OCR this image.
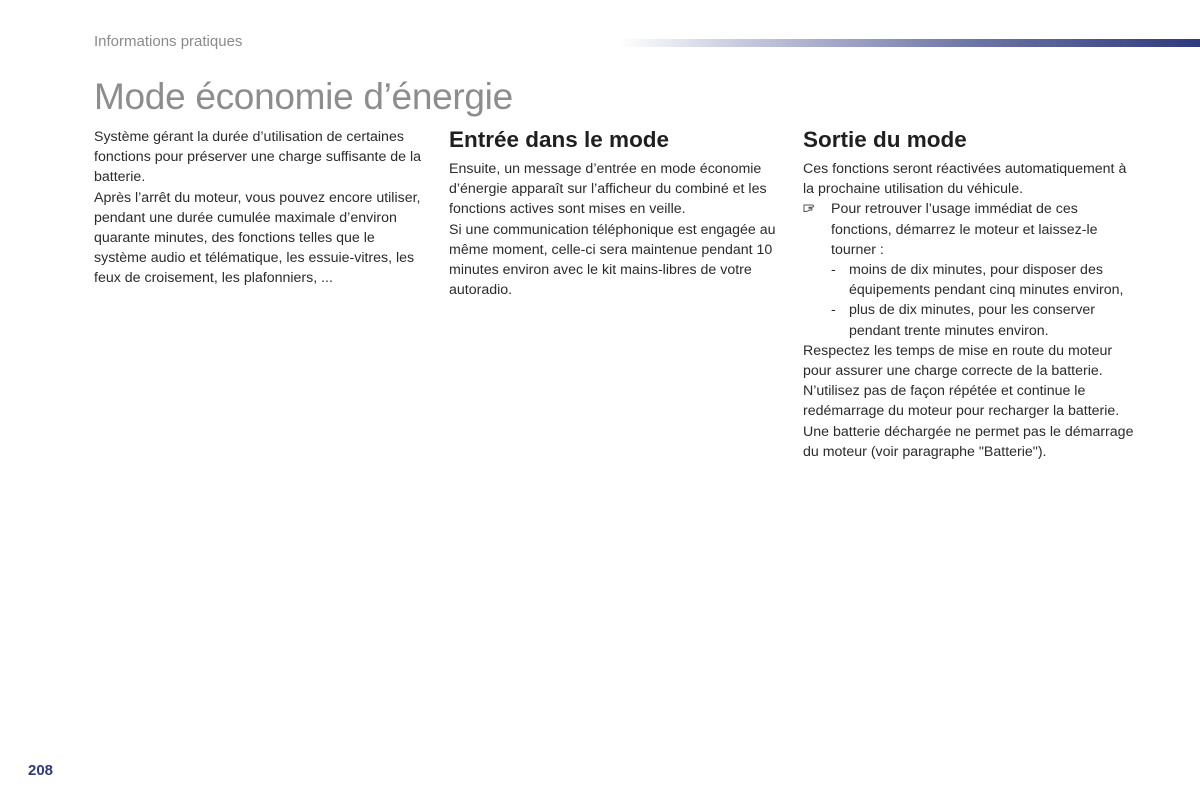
Informations pratiques
Mode économie d’énergie

Système gérant la durée d’utilisation de certaines fonctions pour préserver une charge suffisante de la batterie.

Après l’arrêt du moteur, vous pouvez encore utiliser, pendant une durée cumulée maximale d’environ quarante minutes, des fonctions telles que le système audio et télématique, les essuie-vitres, les feux de croisement, les plafonniers, ...

Entrée dans le mode

Ensuite, un message d’entrée en mode économie d’énergie apparaît sur l’afficheur du combiné et les fonctions actives sont mises en veille.

Si une communication téléphonique est engagée au même moment, celle-ci sera maintenue pendant 10 minutes environ avec le kit mains-libres de votre autoradio.

Sortie du mode

Ces fonctions seront réactivées automatiquement à la prochaine utilisation du véhicule.

Pour retrouver l’usage immédiat de ces fonctions, démarrez le moteur et laissez-le tourner :
- moins de dix minutes, pour disposer des équipements pendant cinq minutes environ,
- plus de dix minutes, pour les conserver pendant trente minutes environ.

Respectez les temps de mise en route du moteur pour assurer une charge correcte de la batterie.

N’utilisez pas de façon répétée et continue le redémarrage du moteur pour recharger la batterie.

Une batterie déchargée ne permet pas le démarrage du moteur (voir paragraphe "Batterie").

208
